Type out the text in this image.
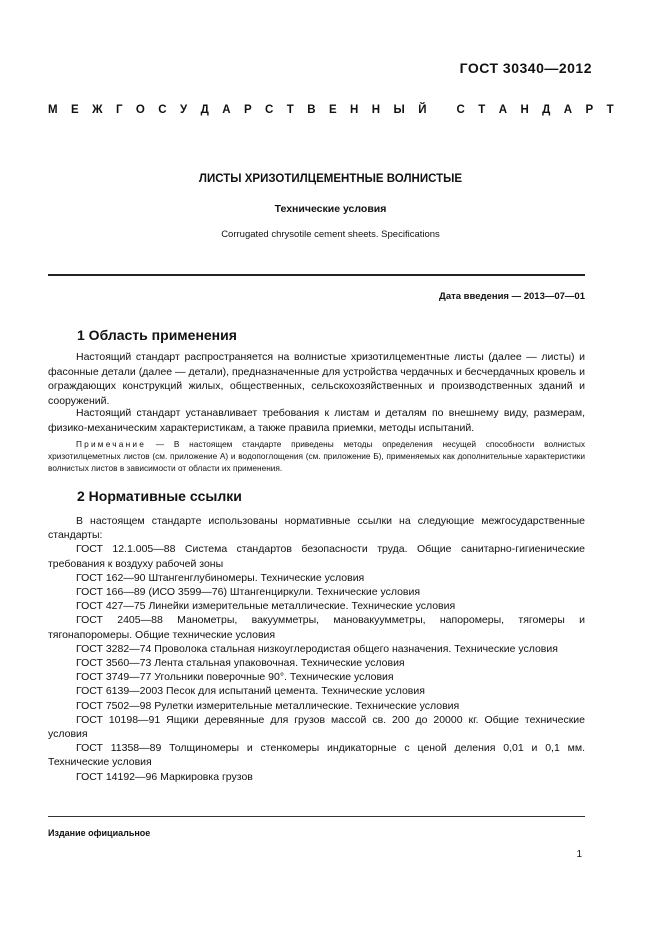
ГОСТ 30340—2012
М Е Ж Г О С У Д А Р С Т В Е Н Н Ы Й
	С Т А Н Д А Р Т
ЛИСТЫ ХРИЗОТИЛЦЕМЕНТНЫЕ ВОЛНИСТЫЕ
Технические условия
Corrugated chrysotile cement sheets. Specifications
Дата введения — 2013—07—01
1 Область применения
Настоящий стандарт распространяется на волнистые хризотилцементные листы (далее — листы) и фасонные детали (далее — детали), предназначенные для устройства чердачных и бесчердачных кровель и ограждающих конструкций жилых, общественных, сельскохозяйственных и производственных зданий и сооружений.
Настоящий стандарт устанавливает требования к листам и деталям по внешнему виду, размерам, физико-механическим характеристикам, а также правила приемки, методы испытаний.
Примечание — В настоящем стандарте приведены методы определения несущей способности волнистых хризотилцеметных листов (см. приложение А) и водопоглощения (см. приложение Б), применяемых как дополнительные характеристики волнистых листов в зависимости от области их применения.
2 Нормативные ссылки
В настоящем стандарте использованы нормативные ссылки на следующие межгосударственные стандарты:
ГОСТ 12.1.005—88 Система стандартов безопасности труда. Общие санитарно-гигиенические требования к воздуху рабочей зоны
ГОСТ 162—90 Штангенглубиномеры. Технические условия
ГОСТ 166—89 (ИСО 3599—76) Штангенциркули. Технические условия
ГОСТ 427—75 Линейки измерительные металлические. Технические условия
ГОСТ 2405—88 Манометры, вакуумметры, мановакуумметры, напоромеры, тягомеры и тягонапоромеры. Общие технические условия
ГОСТ 3282—74 Проволока стальная низкоуглеродистая общего назначения. Технические условия
ГОСТ 3560—73 Лента стальная упаковочная. Технические условия
ГОСТ 3749—77 Угольники поверочные 90°. Технические условия
ГОСТ 6139—2003 Песок для испытаний цемента. Технические условия
ГОСТ 7502—98 Рулетки измерительные металлические. Технические условия
ГОСТ 10198—91 Ящики деревянные для грузов массой св. 200 до 20000 кг. Общие технические условия
ГОСТ 11358—89 Толщиномеры и стенкомеры индикаторные с ценой деления 0,01 и 0,1 мм. Технические условия
ГОСТ 14192—96 Маркировка грузов
Издание официальное
1
